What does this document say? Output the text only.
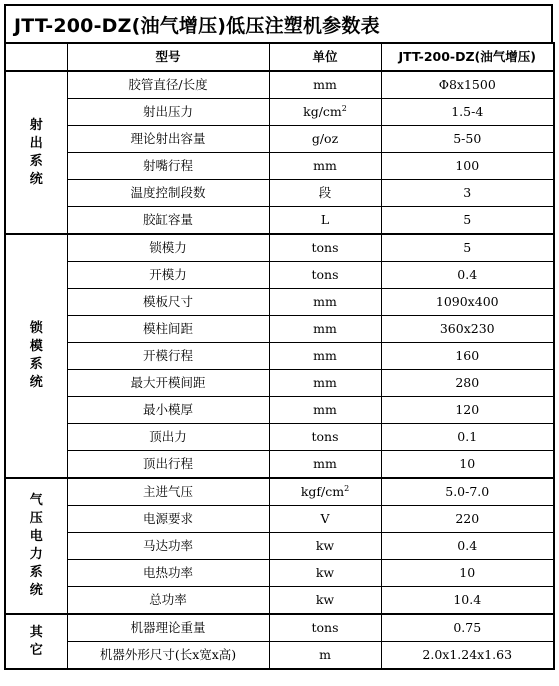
JTT-200-DZ(油气增压)低压注塑机参数表
	型号	单位	JTT-200-DZ(油气增压)
射出系统	胶管直径/长度	mm	Φ8x1500
	射出压力	$kg/cm^2$	1.5-4
	理论射出容量	g/oz	5-50
	射嘴行程	mm	100
	温度控制段数	段	3
	胶缸容量	L	5
锁模系统	锁模力	tons	5
	开模力	tons	0.4
	模板尺寸	mm	1090x400
	模柱间距	mm	360x230
	开模行程	mm	160
	最大开模间距	mm	280
	最小模厚	mm	120
	顶出力	tons	0.1
	顶出行程	mm	10
气压电力系统	主进气压	kgf/$cm^2$	5.0-7.0
	电源要求	V	220
	马达功率	kw	0.4
	电热功率	kw	10
	总功率	kw	10.4
其它	机器理论重量	tons	0.75
	机器外形尺寸(长x宽x高)	m	2.0x1.24x1.63
